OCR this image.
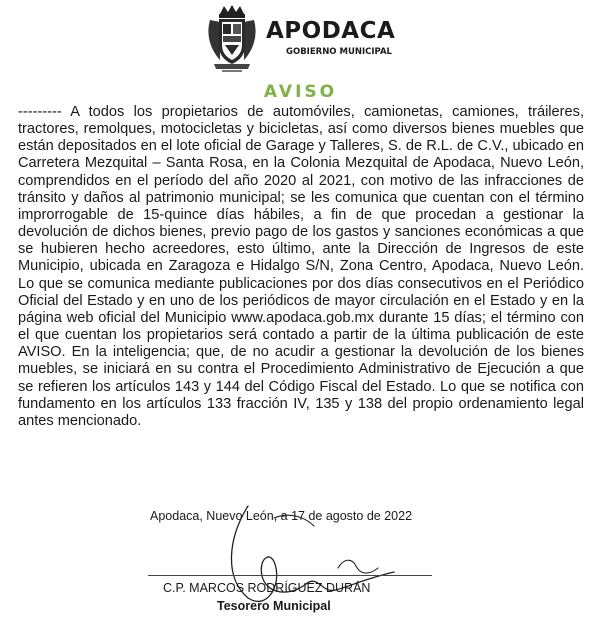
APODACA
GOBIERNO MUNICIPAL
AVISO
--------- A todos los propietarios de automóviles, camionetas, camiones, tráileres, tractores, remolques, motocicletas y bicicletas, así como diversos bienes muebles que están depositados en el lote oficial de Garage y Talleres, S. de R.L. de C.V., ubicado en Carretera Mezquital – Santa Rosa, en la Colonia Mezquital de Apodaca, Nuevo León, comprendidos en el período del año 2020 al 2021, con motivo de las infracciones de tránsito y daños al patrimonio municipal; se les comunica que cuentan con el término improrrogable de 15-quince días hábiles, a fin de que procedan a gestionar la devolución de dichos bienes, previo pago de los gastos y sanciones económicas a que se hubieren hecho acreedores, esto último, ante la Dirección de Ingresos de este Municipio, ubicada en Zaragoza e Hidalgo S/N, Zona Centro, Apodaca, Nuevo León. Lo que se comunica mediante publicaciones por dos días consecutivos en el Periódico Oficial del Estado y en uno de los periódicos de mayor circulación en el Estado y en la página web oficial del Municipio www.apodaca.gob.mx durante 15 días; el término con el que cuentan los propietarios será contado a partir de la última publicación de este AVISO. En la inteligencia; que, de no acudir a gestionar la devolución de los bienes muebles, se iniciará en su contra el Procedimiento Administrativo de Ejecución a que se refieren los artículos 143 y 144 del Código Fiscal del Estado. Lo que se notifica con fundamento en los artículos 133 fracción IV, 135 y 138 del propio ordenamiento legal antes mencionado.
Apodaca, Nuevo León, a 17 de agosto de 2022
C.P. MARCOS RODRÍGUEZ DURÁN
Tesorero Municipal
